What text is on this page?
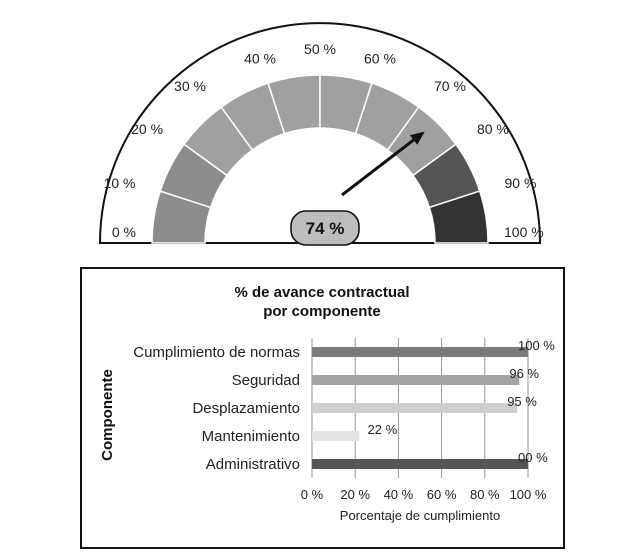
0 %
10 %
20 %
30 %
40 %
50 %
60 %
70 %
80 %
90 %
100 %
74 %
% de avance contractual
por componente
Cumplimiento de normas
Seguridad
Desplazamiento
Mantenimiento
Administrativo
100 %
96 %
95 %
22 %
00 %
0 % 20 % 40 % 60 % 80 % 100 %
Porcentaje de cumplimiento
Componente
